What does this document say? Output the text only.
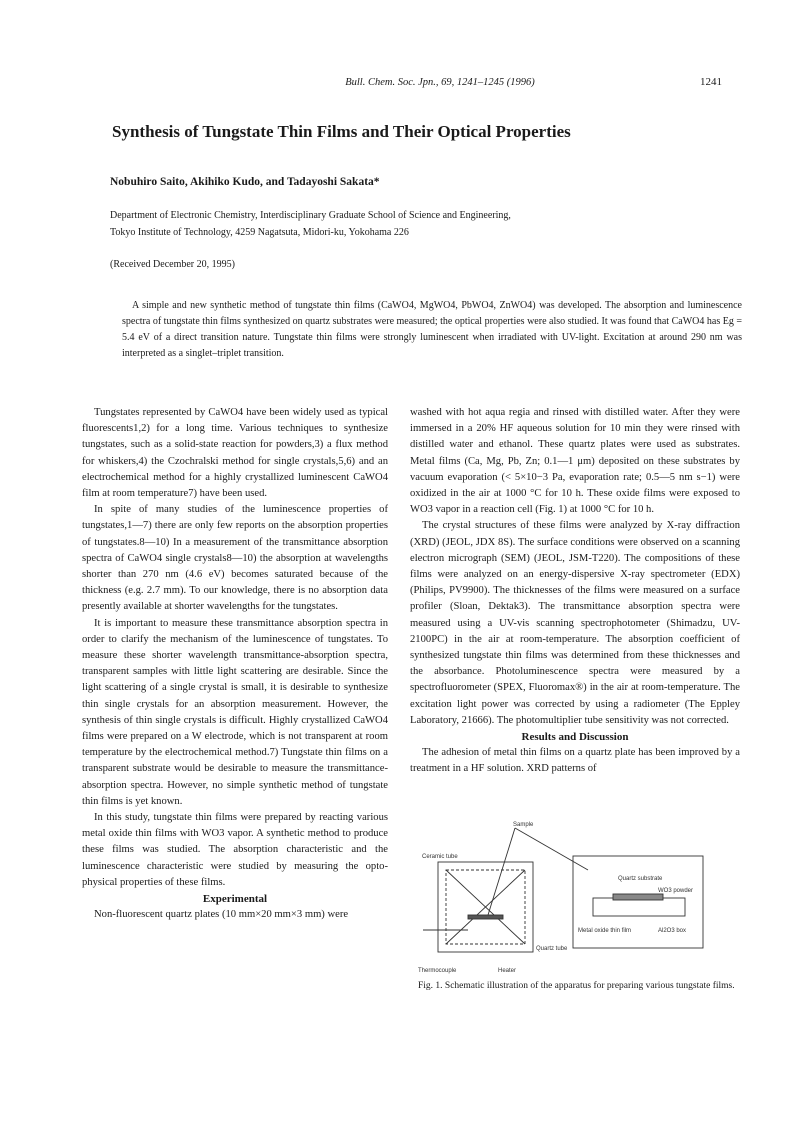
Bull. Chem. Soc. Jpn., 69, 1241–1245 (1996)	1241
Synthesis of Tungstate Thin Films and Their Optical Properties
Nobuhiro Saito, Akihiko Kudo, and Tadayoshi Sakata*
Department of Electronic Chemistry, Interdisciplinary Graduate School of Science and Engineering,
Tokyo Institute of Technology, 4259 Nagatsuta, Midori-ku, Yokohama 226
(Received December 20, 1995)
A simple and new synthetic method of tungstate thin films (CaWO4, MgWO4, PbWO4, ZnWO4) was developed. The absorption and luminescence spectra of tungstate thin films synthesized on quartz substrates were measured; the optical properties were also studied. It was found that CaWO4 has Eg = 5.4 eV of a direct transition nature. Tungstate thin films were strongly luminescent when irradiated with UV-light. Excitation at around 290 nm was interpreted as a singlet–triplet transition.

Tungstates represented by CaWO4 have been widely used as typical fluorescents1,2) for a long time. Various techniques to synthesize tungstates, such as a solid-state reaction for powders,3) a flux method for whiskers,4) the Czochralski method for single crystals,5,6) and an electrochemical method for a highly crystallized luminescent CaWO4 film at room temperature7) have been used.

In spite of many studies of the luminescence properties of tungstates,1—7) there are only few reports on the absorption properties of tungstates.8—10) In a measurement of the transmittance absorption spectra of CaWO4 single crystals8—10) the absorption at wavelengths shorter than 270 nm (4.6 eV) becomes saturated because of the thickness (e.g. 2.7 mm). To our knowledge, there is no absorption data presently available at shorter wavelengths for the tungstates.

It is important to measure these transmittance absorption spectra in order to clarify the mechanism of the luminescence of tungstates. To measure these shorter wavelength transmittance-absorption spectra, transparent samples with little light scattering are desirable. Since the light scattering of a single crystal is small, it is desirable to synthesize thin single crystals for an absorption measurement. However, the synthesis of thin single crystals is difficult. Highly crystallized CaWO4 films were prepared on a W electrode, which is not transparent at room temperature by the electrochemical method.7) Tungstate thin films on a transparent substrate would be desirable to measure the transmittance-absorption spectra. However, no simple synthetic method of tungstate thin films is yet known.

In this study, tungstate thin films were prepared by reacting various metal oxide thin films with WO3 vapor. A synthetic method to produce these films was studied. The absorption characteristic and the luminescence characteristic were studied by measuring the opto-physical properties of these films.

Experimental

Non-fluorescent quartz plates (10 mm×20 mm×3 mm) were

washed with hot aqua regia and rinsed with distilled water. After they were immersed in a 20% HF aqueous solution for 10 min they were rinsed with distilled water and ethanol. These quartz plates were used as substrates. Metal films (Ca, Mg, Pb, Zn; 0.1—1 μm) deposited on these substrates by vacuum evaporation (< 5×10−3 Pa, evaporation rate; 0.5—5 nm s−1) were oxidized in the air at 1000 °C for 10 h. These oxide films were exposed to WO3 vapor in a reaction cell (Fig. 1) at 1000 °C for 10 h.

The crystal structures of these films were analyzed by X-ray diffraction (XRD) (JEOL, JDX 8S). The surface conditions were observed on a scanning electron micrograph (SEM) (JEOL, JSM-T220). The compositions of these films were analyzed on an energy-dispersive X-ray spectrometer (EDX) (Philips, PV9900). The thicknesses of the films were measured on a surface profiler (Sloan, Dektak3). The transmittance absorption spectra were measured using a UV-vis scanning spectrophotometer (Shimadzu, UV-2100PC) in the air at room-temperature. The absorption coefficient of synthesized tungstate thin films was determined from these thicknesses and the absorbance. Photoluminescence spectra were measured by a spectrofluorometer (SPEX, Fluoromax®) in the air at room-temperature. The excitation light power was corrected by using a radiometer (The Eppley Laboratory, 21666). The photomultiplier tube sensitivity was not corrected.

Results and Discussion

The adhesion of metal thin films on a quartz plate has been improved by a treatment in a HF solution. XRD patterns of

Sample
Ceramic tube
Quartz substrate
WO3 powder
Metal oxide thin film	Al2O3 box
Quartz tube
Thermocouple	Heater
Fig. 1. Schematic illustration of the apparatus for preparing various tungstate films.
